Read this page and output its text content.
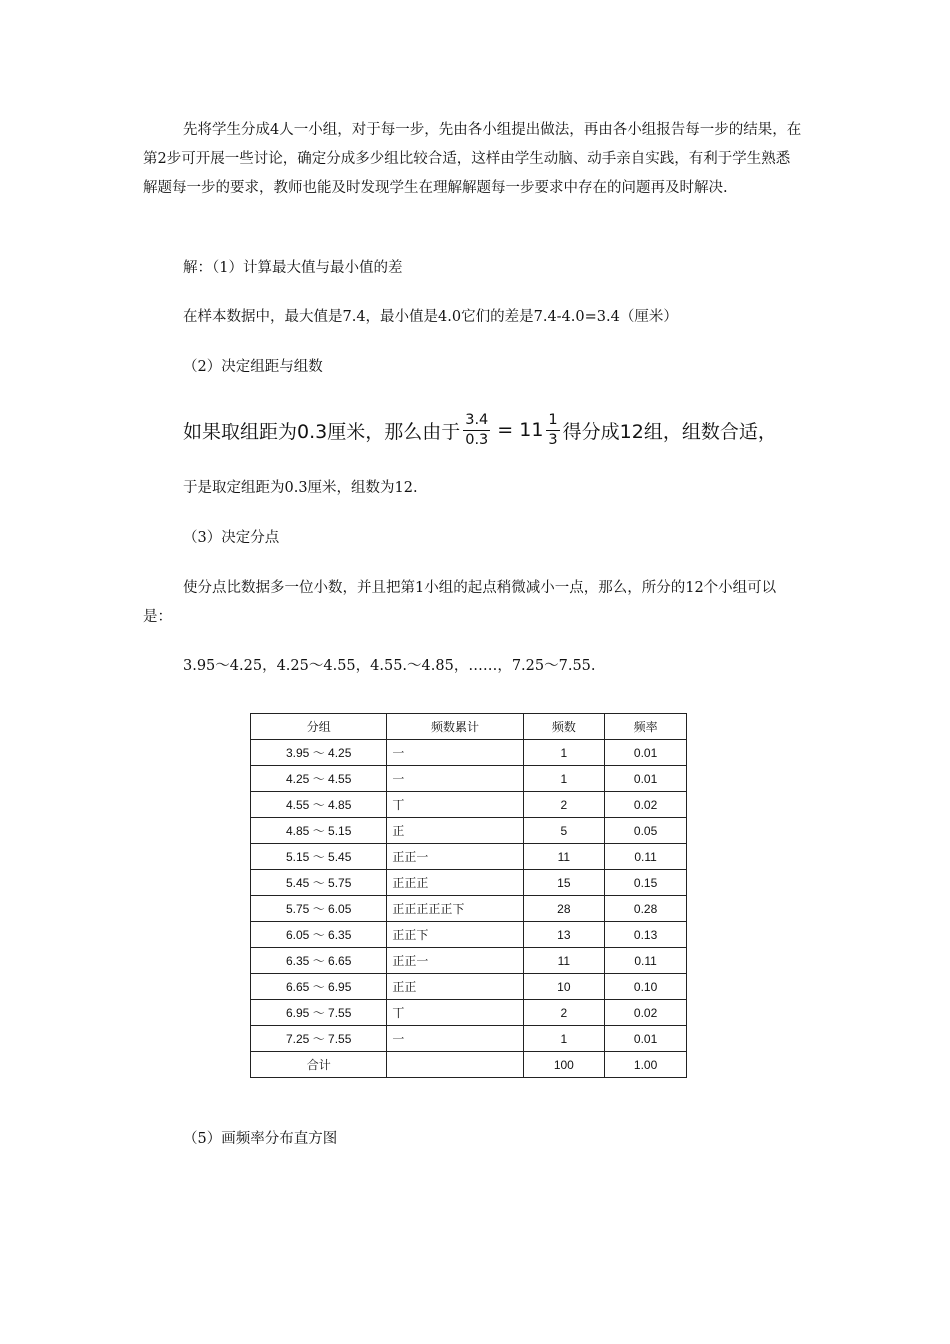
先将学生分成4人一小组，对于每一步，先由各小组提出做法，再由各小组报告每一步的结果，在第2步可开展一些讨论，确定分成多少组比较合适，这样由学生动脑、动手亲自实践，有利于学生熟悉解题每一步的要求，教师也能及时发现学生在理解解题每一步要求中存在的问题再及时解决.

解：（1）计算最大值与最小值的差
在样本数据中，最大值是7.4，最小值是4.0它们的差是7.4-4.0=3.4（厘米）
（2）决定组距与组数
如果取组距为0.3厘米，那么由于 $\frac{3.4}{0.3} = 11 \frac{1}{3}$ 得分成12组，组数合适，
于是取定组距为0.3厘米，组数为12.
（3）决定分点

使分点比数据多一位小数，并且把第1小组的起点稍微减小一点，那么，所分的12个小组可以是：

3.95～4.25，4.25～4.55，4.55.～4.85，……，7.25～7.55.
分组	频数累计	频数	频率
3.95 ～ 4.25	一	1	0.01
4.25 ～ 4.55	一	1	0.01
4.55 ～ 4.85	丅	2	0.02
4.85 ～ 5.15	正	5	0.05
5.15 ～ 5.45	正正一	11	0.11
5.45 ～ 5.75	正正正	15	0.15
5.75 ～ 6.05	正正正正正下	28	0.28
6.05 ～ 6.35	正正下	13	0.13
6.35 ～ 6.65	正正一	11	0.11
6.65 ～ 6.95	正正	10	0.10
6.95 ～ 7.55	丅	2	0.02
7.25 ～ 7.55	一	1	0.01
合计		100	1.00
（5）画频率分布直方图
